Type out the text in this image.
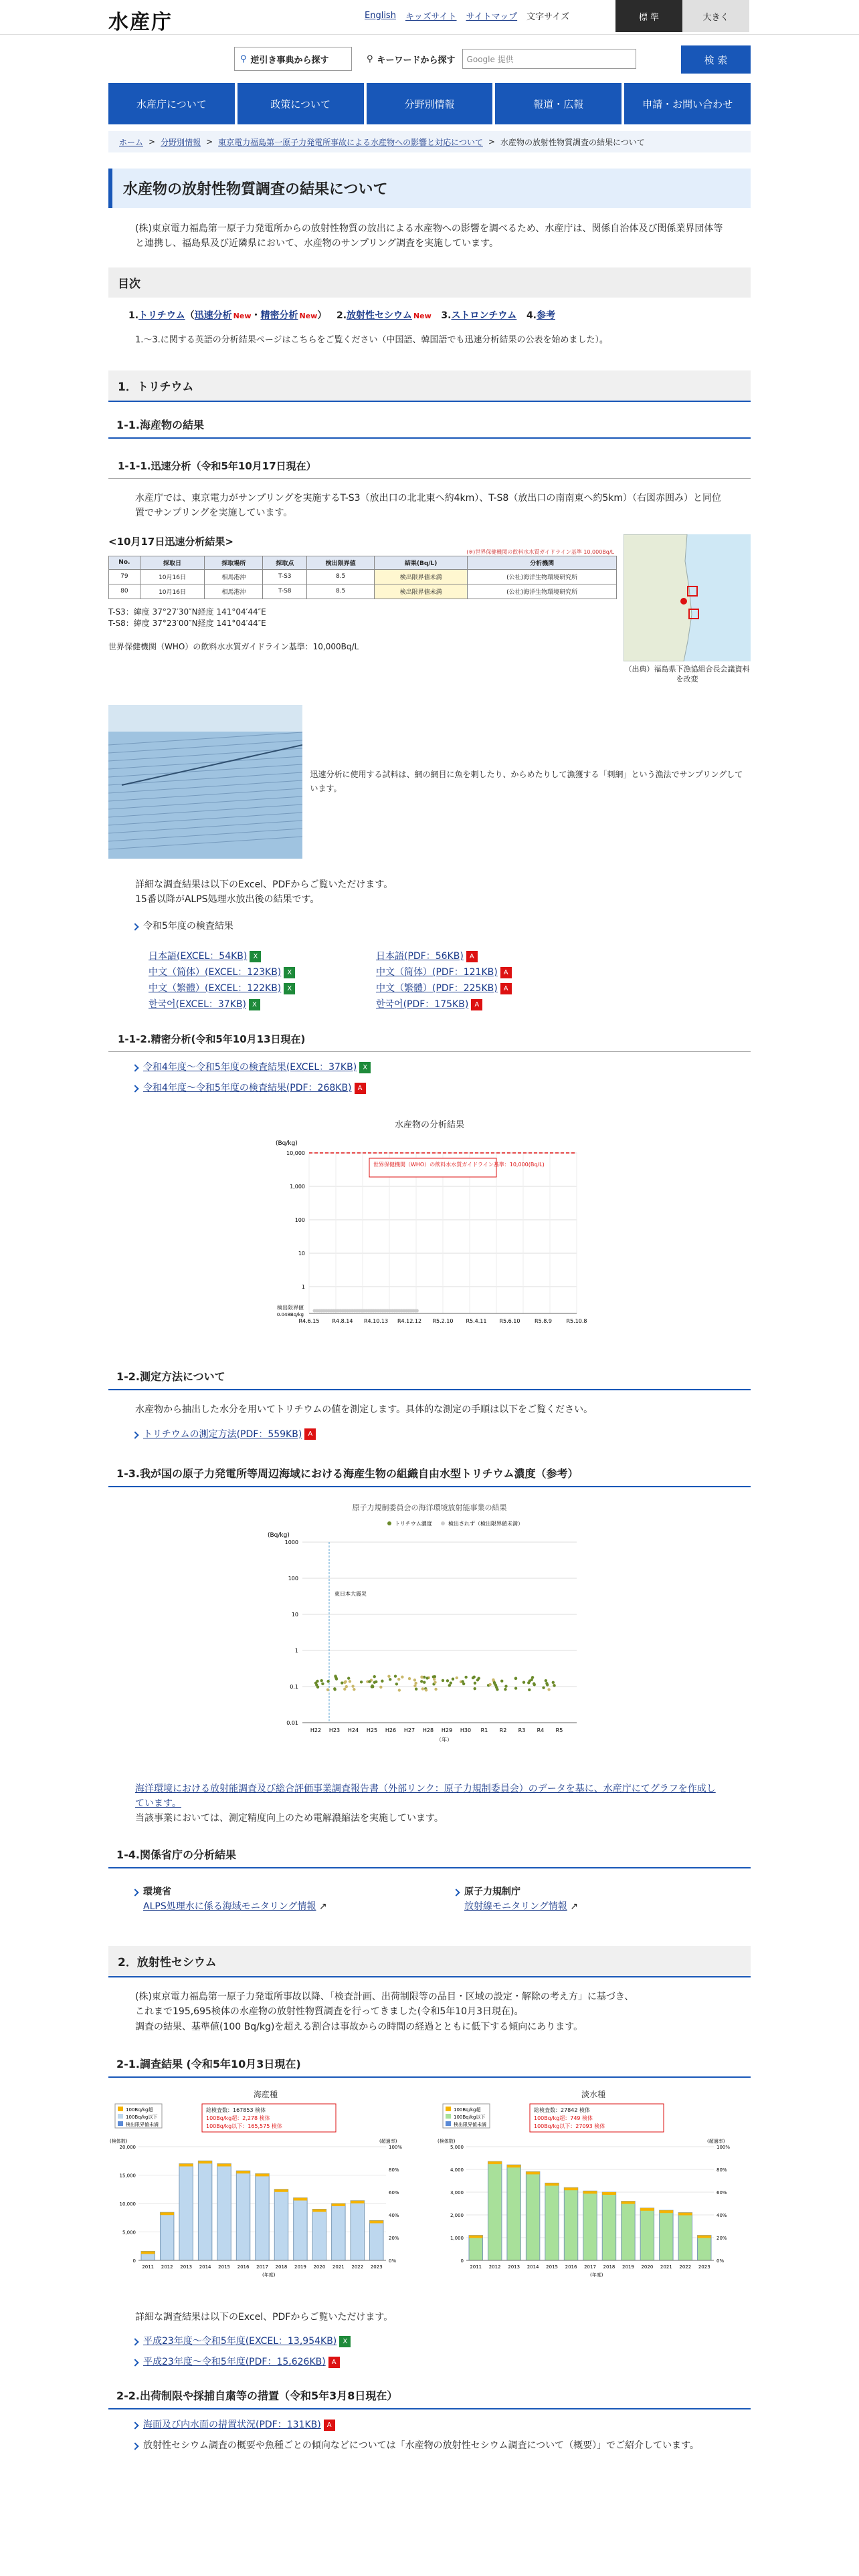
水産庁	English キッズサイト サイトマップ 文字サイズ	標 準	大きく
⚲ 逆引き事典から探す	⚲ キーワードから探す	Google 提供	検 索
水産庁について	政策について	分野別情報	報道・広報	申請・お問い合わせ
ホーム > 分野別情報 > 東京電力福島第一原子力発電所事故による水産物への影響と対応について > 水産物の放射性物質調査の結果について
水産物の放射性物質調査の結果について
(株)東京電力福島第一原子力発電所からの放射性物質の放出による水産物への影響を調べるため、水産庁は、関係自治体及び関係業界団体等と連携し、福島県及び近隣県において、水産物のサンプリング調査を実施しています。
目次
1.トリチウム（迅速分析 New・精密分析 New）   2.放射性セシウム New 3.ストロンチウム 4.参考
1.～3.に関する英語の分析結果ページはこちらをご覧ください（中国語、韓国語でも迅速分析結果の公表を始めました）。
1．トリチウム
1-1.海産物の結果
1-1-1.迅速分析（令和5年10月17日現在）
水産庁では、東京電力がサンプリングを実施するT-S3（放出口の北北東へ約4km）、T-S8（放出口の南南東へ約5km）（右図赤囲み）と同位置でサンプリングを実施しています。
<10月17日迅速分析結果>
(※)世界保健機関の飲料水水質ガイドライン基準 10,000Bq/L
No.	採取日	採取場所	採取点	検出限界値	結果(Bq/L)	分析機関
79	10月16日	相馬港沖	T-S3	8.5	検出限界値未満	(公社)海洋生物環境研究所
80	10月16日	相馬港沖	T-S8	8.5	検出限界値未満	(公社)海洋生物環境研究所
T-S3：緯度 37°27′30″N経度 141°04′44″E
T-S8：緯度 37°23′00″N経度 141°04′44″E
世界保健機関（WHO）の飲料水水質ガイドライン基準：10,000Bq/L
（出典）福島県下漁協組合長会議資料を改変
迅速分析に使用する試料は、網の網目に魚を刺したり、からめたりして漁獲する「刺網」という漁法でサンプリングしています。
詳細な調査結果は以下のExcel、PDFからご覧いただけます。
15番以降がALPS処理水放出後の結果です。
令和5年度の検査結果
日本語(EXCEL：54KB) X	日本語(PDF：56KB) A
中文（简体）(EXCEL：123KB) X	中文（简体）(PDF：121KB) A
中文（繁體）(EXCEL：122KB) X	中文（繁體）(PDF：225KB) A
한국어(EXCEL：37KB) X	한국어(PDF：175KB) A
1-1-2.精密分析(令和5年10月13日現在)
令和4年度～令和5年度の検査結果(EXCEL：37KB) X
令和4年度～令和5年度の検査結果(PDF：268KB) A
水産物の分析結果
(Bq/kg)
10,000
1,000
100
10
1
世界保健機関（WHO）の飲料水水質ガイドライン基準：10,000(Bq/L)
検出限界値
0.048Bq/kg
R4.6.15 R4.8.14 R4.10.13 R4.12.12 R5.2.10 R5.4.11 R5.6.10	R5.8.9	R5.10.8
1-2.測定方法について
水産物から抽出した水分を用いてトリチウムの値を測定します。具体的な測定の手順は以下をご覧ください。
トリチウムの測定方法(PDF：559KB) A
1-3.我が国の原子力発電所等周辺海域における海産生物の組織自由水型トリチウム濃度（参考）
原子力規制委員会の海洋環境放射能事業の結果
トリチウム濃度	検出されず（検出限界値未満）
(Bq/kg)
1000
100
10
1
0.1
0.01
東日本大震災
H22 H23 H24 H25 H26 H27 H28 H29 H30 R1 R2 R3 R4 R5
（年）
海洋環境における放射能調査及び総合評価事業調査報告書（外部リンク：原子力規制委員会）のデータを基に、水産庁にてグラフを作成しています。
当該事業においては、測定精度向上のため電解濃縮法を実施しています。
1-4.関係省庁の分析結果
環境省
ALPS処理水に係る海域モニタリング情報 ↗
原子力規制庁
放射線モニタリング情報 ↗
2．放射性セシウム
(株)東京電力福島第一原子力発電所事故以降、「検査計画、出荷制限等の品目・区域の設定・解除の考え方」に基づき、
これまで195,695検体の水産物の放射性物質調査を行ってきました(令和5年10月3日現在)。
調査の結果、基準値(100 Bq/kg)を超える割合は事故からの時間の経過とともに低下する傾向にあります。
2-1.調査結果 (令和5年10月3日現在)
海産種
100Bq/kg超
100Bq/kg以下
検出限界値未満
総検査数：167853 検体
100Bq/kg超：2,278 検体
100Bq/kg以下：165,575 検体
(検体数)	(超過率)
20,000
15,000
10,000
5,000
0
100%
80%
60%
40%
20%
0%
2011 2012 2013 2014 2015 2016 2017 2018 2019 2020 2021 2022 2023
(年度)
淡水種
100Bq/kg超
100Bq/kg以下
検出限界値未満
総検査数：27842 検体
100Bq/kg超：749 検体
100Bq/kg以下：27093 検体
(検体数)	(超過率)
5,000
4,000
3,000
2,000
1,000
0
100%
80%
60%
40%
20%
0%
2011 2012 2013 2014 2015 2016 2017 2018 2019 2020 2021 2022 2023
(年度)
詳細な調査結果は以下のExcel、PDFからご覧いただけます。
平成23年度～令和5年度(EXCEL：13,954KB) X
平成23年度～令和5年度(PDF：15,626KB) A
2-2.出荷制限や採捕自粛等の措置（令和5年3月8日現在）
海面及び内水面の措置状況(PDF：131KB) A
放射性セシウム調査の概要や魚種ごとの傾向などについては「水産物の放射性セシウム調査について（概要）」でご紹介しています。
